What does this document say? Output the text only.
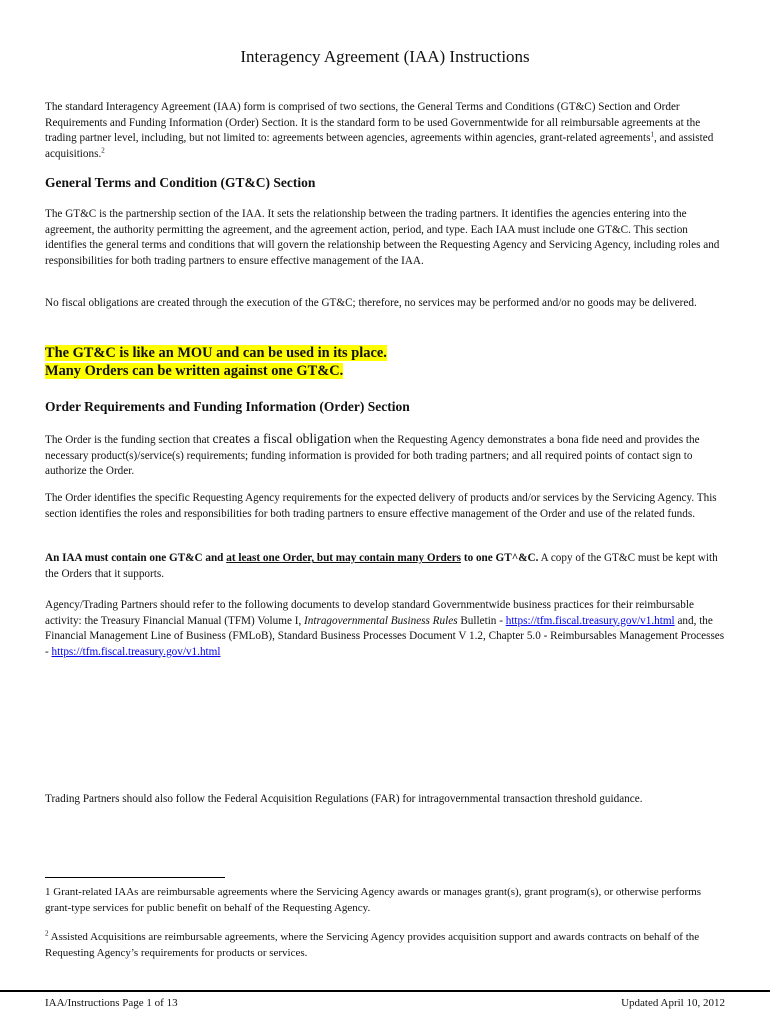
Interagency Agreement (IAA) Instructions

The standard Interagency Agreement (IAA) form is comprised of two sections, the General Terms and Conditions (GT&C) Section and Order Requirements and Funding Information (Order) Section. It is the standard form to be used Governmentwide for all reimbursable agreements at the trading partner level, including, but not limited to: agreements between agencies, agreements within agencies, grant-related agreements$^1$, and assisted acquisitions.$^2$

General Terms and Condition (GT&C) Section

The GT&C is the partnership section of the IAA. It sets the relationship between the trading partners. It identifies the agencies entering into the agreement, the authority permitting the agreement, and the agreement action, period, and type. Each IAA must include one GT&C. This section identifies the general terms and conditions that will govern the relationship between the Requesting Agency and Servicing Agency, including roles and responsibilities for both trading partners to ensure effective management of the IAA.

No fiscal obligations are created through the execution of the GT&C; therefore, no services may be performed and/or no goods may be delivered.

The GT&C is like an MOU and can be used in its place.
Many Orders can be written against one GT&C.
Order Requirements and Funding Information (Order) Section

The Order is the funding section that creates a fiscal obligation when the Requesting Agency demonstrates a bona fide need and provides the necessary product(s)/service(s) requirements; funding information is provided for both trading partners; and all required points of contact sign to authorize the Order.

The Order identifies the specific Requesting Agency requirements for the expected delivery of products and/or services by the Servicing Agency. This section identifies the roles and responsibilities for both trading partners to ensure effective management of the Order and use of the related funds.

An IAA must contain one GT&C and at least one Order, but may contain many Orders to one GT^&C. A copy of the GT&C must be kept with the Orders that it supports.

Agency/Trading Partners should refer to the following documents to develop standard Governmentwide business practices for their reimbursable activity: the Treasury Financial Manual (TFM) Volume I, Intragovernmental Business Rules Bulletin - https://tfm.fiscal.treasury.gov/v1.html and, the Financial Management Line of Business (FMLoB), Standard Business Processes Document V 1.2, Chapter 5.0 - Reimbursables Management Processes - https://tfm.fiscal.treasury.gov/v1.html

Trading Partners should also follow the Federal Acquisition Regulations (FAR) for intragovernmental transaction threshold guidance.

1 Grant-related IAAs are reimbursable agreements where the Servicing Agency awards or manages grant(s), grant program(s), or otherwise performs grant-type services for public benefit on behalf of the Requesting Agency.

$^2$ Assisted Acquisitions are reimbursable agreements, where the Servicing Agency provides acquisition support and awards contracts on behalf of the Requesting Agency’s requirements for products or services.

IAA/Instructions Page 1 of 13	Updated April 10, 2012
